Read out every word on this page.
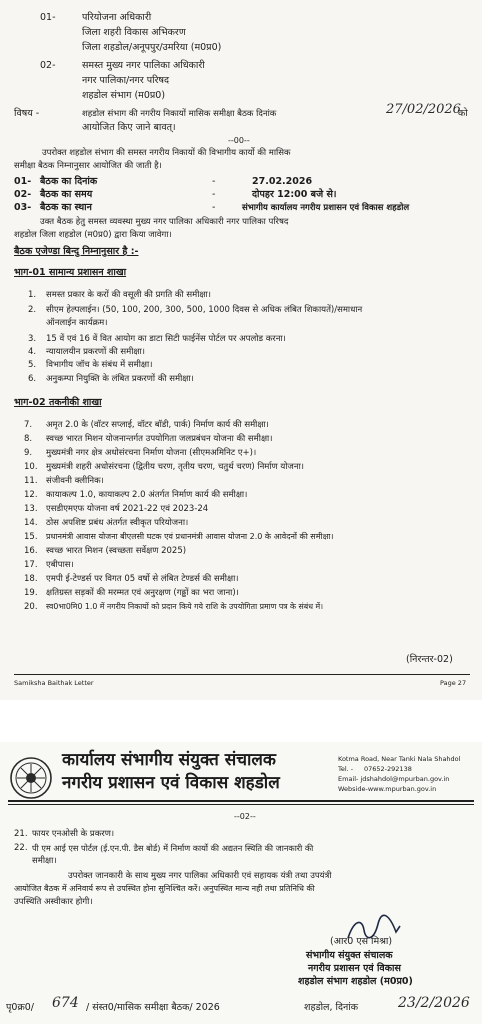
01-	परियोजना अधिकारी
जिला शहरी विकास अभिकरण
जिला शहडोल/अनूपपुर/उमरिया (म0प्र0)
02-	समस्त मुख्य नगर पालिका अधिकारी
नगर पालिका/नगर परिषद
शहडोल संभाग (म0प्र0)
विषय -	शहडोल संभाग की नगरीय निकायों मासिक समीक्षा बैठक दिनांक	27/02/2026
को
आयोजित किए जाने बावत्।
--00--
उपरोक्त शहडोल संभाग की समस्त नगरीय निकायों की विभागीय कार्यो की मासिक
समीक्षा बैठक निम्नानुसार आयोजित की जाती है।
01- बैठक का दिनांक	-	27.02.2026
02- बैठक का समय	-	दोपहर 12:00 बजे से।
03- बैठक का स्थान	-	संभागीय कार्यालय नगरीय प्रशासन एवं विकास शहडोल
उक्त बैठक हेतु समस्त व्यवस्था मुख्य नगर पालिका अधिकारी नगर पालिका परिषद
शहडोल जिला शहडोल (म0प्र0) द्वारा किया जावेगा।
बैठक एजेण्डा बिन्दु निम्नानुसार है :-
भाग-01 सामान्य प्रशासन शाखा
1. समस्त प्रकार के करों की वसूली की प्रगति की समीक्षा।
2. सीएम हेल्पलाईन। (50, 100, 200, 300, 500, 1000 दिवस से अधिक लंबित शिकायतें)/समाधान
ऑनलाईन कार्यक्रम।
3. 15 वें एवं 16 वें वित आयोग का डाटा सिटी फाईनेंस पोर्टल पर अपलोड करना।
4. न्यायालयीन प्रकरणों की समीक्षा।
5. विभागीय जॉच के संबंध में समीक्षा।
6. अनुकम्पा नियुक्ति के लंबित प्रकरणों की समीक्षा।
भाग-02 तकनीकी शाखा
7. अमृत 2.0 के (वॉटर सप्लाई, वॉटर बॉडी, पार्क) निर्माण कार्य की समीक्षा।
8. स्वच्छ भारत मिशन योजनान्तर्गत उपयोगिता जलप्रबंधन योजना की समीक्षा।
9. मुख्यमंत्री नगर क्षेत्र अधोसंरचना निर्माण योजना (सीएमअमिनिट ए+)।
10. मुख्यमंत्री शहरी अधोसंरचना (द्वितीय चरण, तृतीय चरण, चतुर्थ चरण) निर्माण योजना।
11. संजीवनी क्लीनिक।
12. कायाकल्प 1.0, कायाकल्प 2.0 अंतर्गत निर्माण कार्य की समीक्षा।
13. एसडीएमएफ योजना वर्ष 2021-22 एवं 2023-24
14. ठोस अपशिष्ट प्रबंध अंतर्गत स्वीकृत परियोजना।
15. प्रधानमंत्री आवास योजना बीएलसी घटक एवं प्रधानमंत्री आवास योजना 2.0 के आवेदनों की समीक्षा।
16. स्वच्छ भारत मिशन (स्वच्छता सर्वेक्षण 2025)
17. एबीपास।
18. एमपी ई-टेण्डर्स पर विगत 05 वर्षो से लंबित टेण्डर्स की समीक्षा।
19. क्षतिग्रस्त सड़कों की मरम्मत एवं अनुरक्षण (गढ्ढों का भरा जाना)।
20. स्व0भा0मि0 1.0 में नगरीय निकायों को प्रदान किये गये राशि के उपयोगिता प्रमाण पत्र के संबंध में।
(निरन्तर-02)
Samiksha Baithak Letter	Page 27
कार्यालय संभागीय संयुक्त संचालक
नगरीय प्रशासन एवं विकास शहडोल
Kotma Road, Near Tanki Nala Shahdol
Tel. - 07652-292138
Email- jdshahdol@mpurban.gov.in
Webside-www.mpurban.gov.in
--02--
21. फायर एनओसी के प्रकरण।
22. पी एम आई एस पोर्टल (ई.एन.पी. डैस बोर्ड) में निर्माण कार्यो की अद्यतन स्थिति की जानकारी की
समीक्षा।
उपरोक्त जानकारी के साथ मुख्य नगर पालिका अधिकारी एवं सहायक यंत्री तथा उपयंत्री
आयोजित बैठक में अनिवार्य रूप से उपस्थित होना सुनिश्चित करें। अनुपस्थित मान्य नही तथा प्रतिनिधि की
उपस्थिति अस्वीकार होगी।
(आर0 एस मिश्रा)
संभागीय संयुक्त संचालक
नगरीय प्रशासन एवं विकास
शहडोल संभाग शहडोल (म0प्र0)
पृ0क्र0/ 674 / संस्त0/मासिक समीक्षा बैठक/ 2026	शहडोल, दिनांक	23/2/2026
